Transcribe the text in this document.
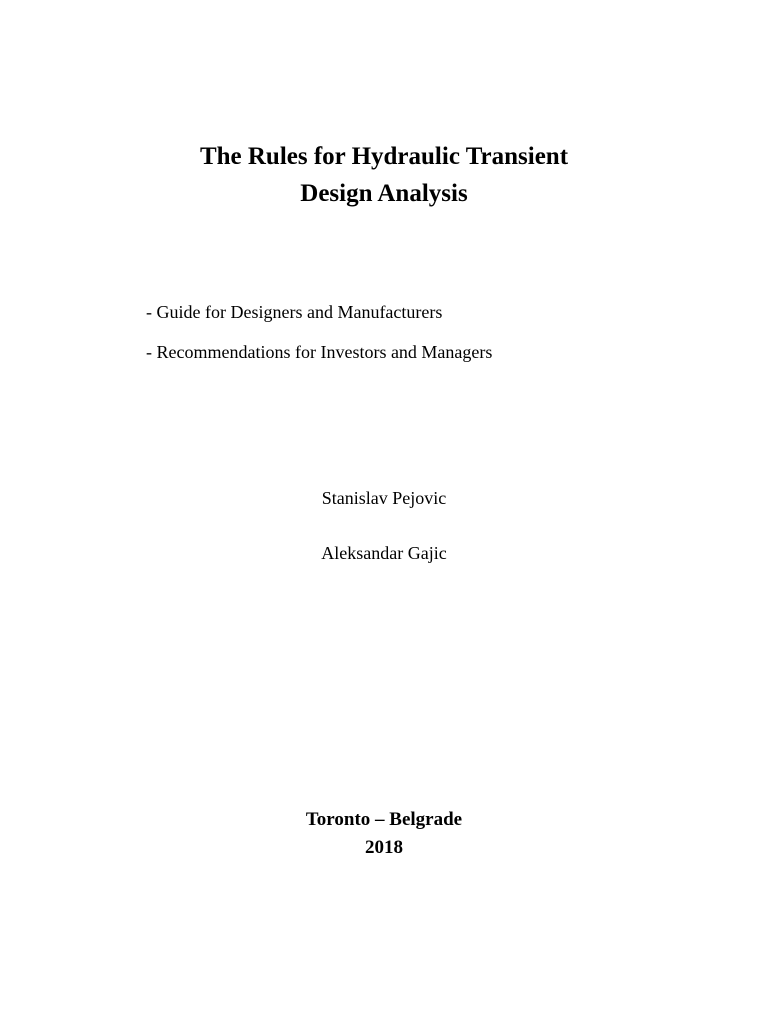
The Rules for Hydraulic Transient
Design Analysis
- Guide for Designers and Manufacturers
- Recommendations for Investors and Managers
Stanislav Pejovic
Aleksandar Gajic
Toronto – Belgrade
2018
